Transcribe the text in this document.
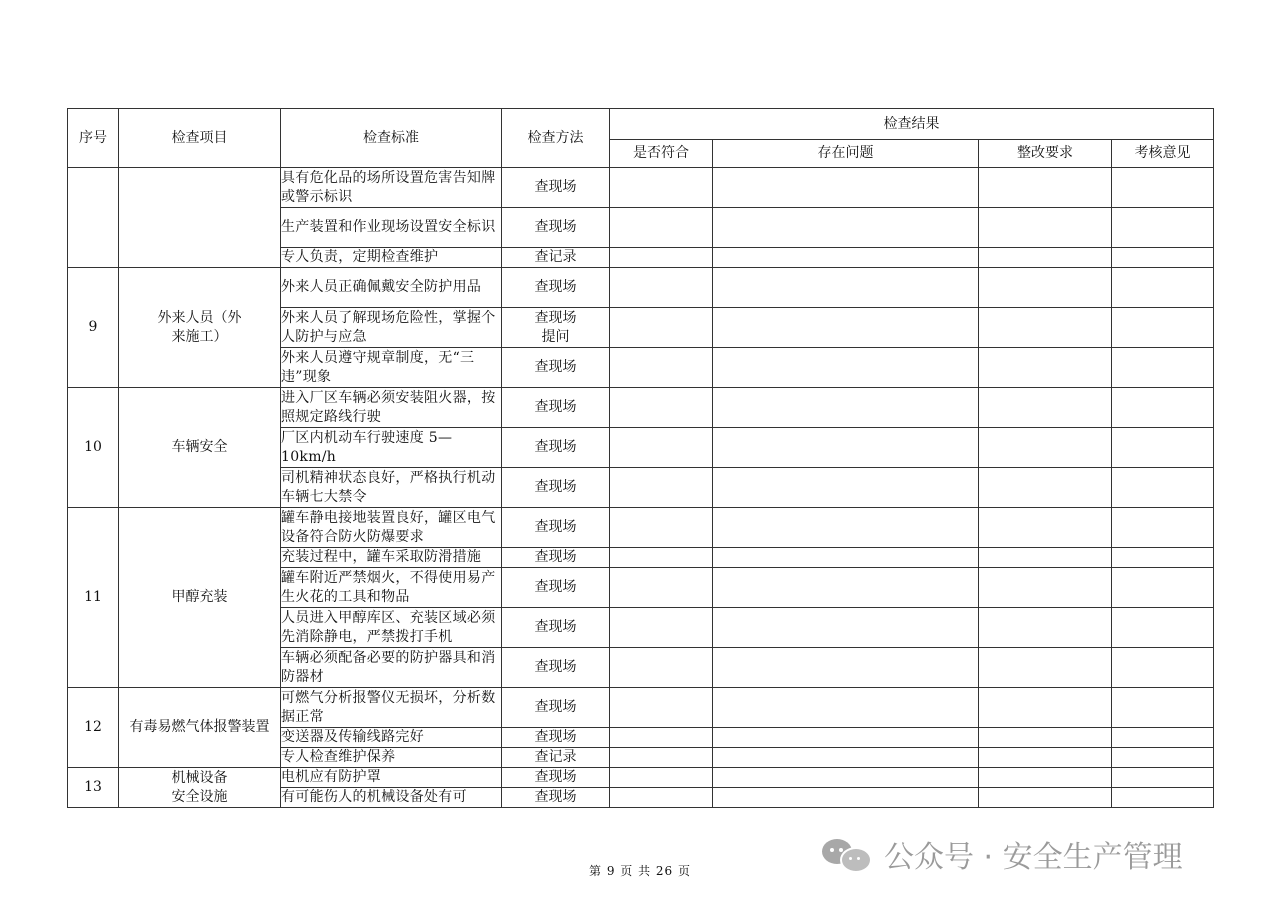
序号	检查项目	检查标准	检查方法	检查结果			
				是否符合	存在问题	整改要求	考核意见
		具有危化品的场所设置危害告知牌或警示标识	查现场				
		生产装置和作业现场设置安全标识	查现场				
		专人负责，定期检查维护	查记录				
9	外来人员（外来施工）	外来人员正确佩戴安全防护用品	查现场				
		外来人员了解现场危险性，掌握个人防护与应急	查现场提问				
		外来人员遵守规章制度，无“三违”现象	查现场				
10	车辆安全	进入厂区车辆必须安装阻火器，按照规定路线行驶	查现场				
		厂区内机动车行驶速度 5—10km/h	查现场				
		司机精神状态良好，严格执行机动车辆七大禁令	查现场				
11	甲醇充装	罐车静电接地装置良好，罐区电气设备符合防火防爆要求	查现场				
		充装过程中，罐车采取防滑措施	查现场				
		罐车附近严禁烟火，不得使用易产生火花的工具和物品	查现场				
		人员进入甲醇库区、充装区域必须先消除静电，严禁拨打手机	查现场				
		车辆必须配备必要的防护器具和消防器材	查现场				
12	有毒易燃气体报警装置	可燃气分析报警仪无损坏，分析数据正常	查现场				
		变送器及传输线路完好	查现场				
		专人检查维护保养	查记录				
13	机械设备安全设施	电机应有防护罩	查现场				
		有可能伤人的机械设备处有可	查现场				
第 9 页 共 26 页	公众号 · 安全生产管理
